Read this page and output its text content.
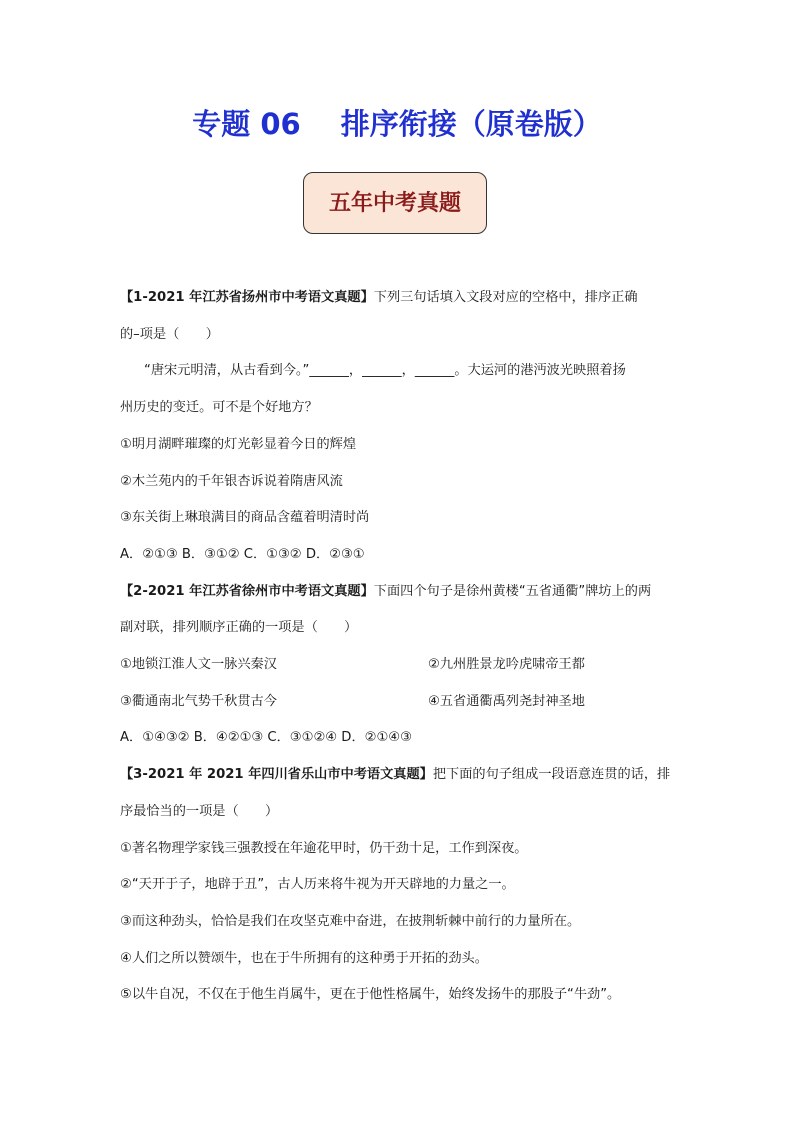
专题 06 排序衔接（原卷版）
五年中考真题

【1-2021 年江苏省扬州市中考语文真题】下列三句话填入文段对应的空格中，排序正确

的–项是（　　）

“唐宋元明清，从古看到今。”______，______，______。大运河的港沔波光映照着扬

州历史的变迁。可不是个好地方？

①明月湖畔璀璨的灯光彰显着今日的辉煌

②木兰苑内的千年银杏诉说着隋唐风流

③东关街上琳琅满目的商品含蕴着明清时尚

A．②①③ B．③①② C．①③② D．②③①

【2-2021 年江苏省徐州市中考语文真题】下面四个句子是徐州黄楼“五省通衢”牌坊上的两

副对联，排列顺序正确的一项是（　　）

①地锁江淮人文一脉兴秦汉	②九州胜景龙吟虎啸帝王都
③衢通南北气势千秋贯古今	④五省通衢禹列尧封神圣地

A．①④③② B．④②①③ C．③①②④ D．②①④③

【3-2021 年 2021 年四川省乐山市中考语文真题】把下面的句子组成一段语意连贯的话，排

序最恰当的一项是（　　）

①著名物理学家钱三强教授在年逾花甲时，仍干劲十足，工作到深夜。

②“天开于子，地辟于丑”，古人历来将牛视为开天辟地的力量之一。

③而这种劲头，恰恰是我们在攻坚克难中奋进，在披荆斩棘中前行的力量所在。

④人们之所以赞颂牛，也在于牛所拥有的这种勇于开拓的劲头。

⑤以牛自况，不仅在于他生肖属牛，更在于他性格属牛，始终发扬牛的那股子“牛劲”。
